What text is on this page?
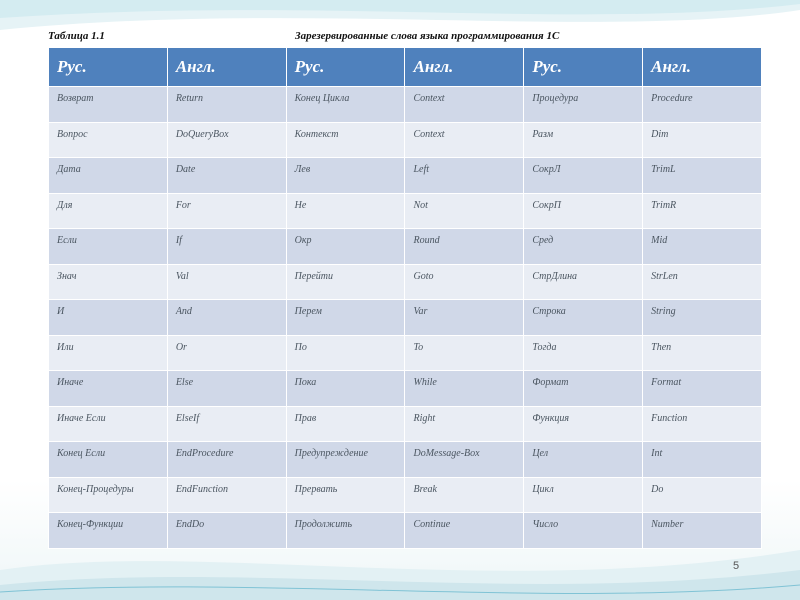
Таблица 1.1	Зарезервированные слова языка программирования 1С
Рус.	Англ.	Рус.	Англ.	Рус.	Англ.
Возврат	Return	Конец Цикла	Context	Процедура	Procedure
Вопрос	DoQueryBox	Контекст	Context	Разм	Dim
Дата	Date	Лев	Left	СокрЛ	TrimL
Для	For	Не	Not	СокрП	TrimR
Если	If	Окр	Round	Сред	Mid
Знач	Val	Перейти	Goto	СтрДлина	StrLen
И	And	Перем	Var	Строка	String
Или	Or	По	To	Тогда	Then
Иначе	Else	Пока	While	Формат	Format
Иначе Если	ElseIf	Прав	Right	Функция	Function
Конец Если	EndProcedure	Предупреждение	DoMessage-Box	Цел	Int
Конец-Процедуры	EndFunction	Прервать	Break	Цикл	Do
Конец-Функции	EndDo	Продолжить	Continue	Число	Number
5
